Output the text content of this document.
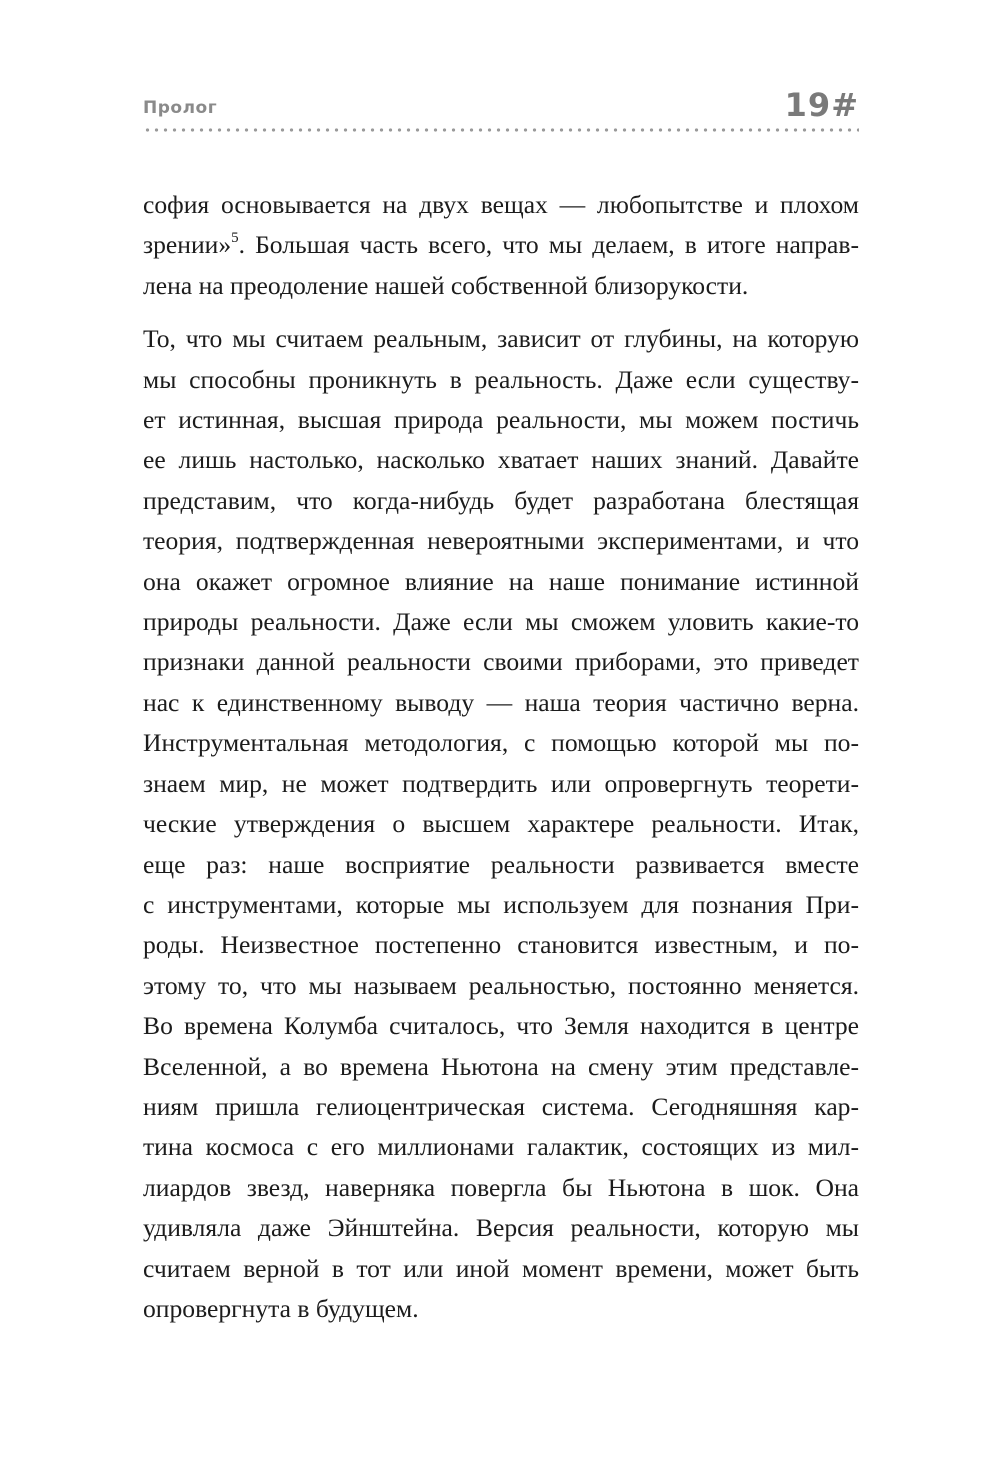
Пролог	19#

софия основывается на двух вещах — любопытстве и плохом
зрении»$^5$. Большая часть всего, что мы делаем, в итоге направ-
лена на преодоление нашей собственной близорукости.

То, что мы считаем реальным, зависит от глубины, на которую
мы способны проникнуть в реальность. Даже если существу-
ет истинная, высшая природа реальности, мы можем постичь
ее лишь настолько, насколько хватает наших знаний. Давайте
представим, что когда-нибудь будет разработана блестящая
теория, подтвержденная невероятными экспериментами, и что
она окажет огромное влияние на наше понимание истинной
природы реальности. Даже если мы сможем уловить какие-то
признаки данной реальности своими приборами, это приведет
нас к единственному выводу — наша теория частично верна.
Инструментальная методология, с помощью которой мы по-
знаем мир, не может подтвердить или опровергнуть теорети-
ческие утверждения о высшем характере реальности. Итак,
еще раз: наше восприятие реальности развивается вместе
с инструментами, которые мы используем для познания При-
роды. Неизвестное постепенно становится известным, и по-
этому то, что мы называем реальностью, постоянно меняется.
Во времена Колумба считалось, что Земля находится в центре
Вселенной, а во времена Ньютона на смену этим представле-
ниям пришла гелиоцентрическая система. Сегодняшняя кар-
тина космоса с его миллионами галактик, состоящих из мил-
лиардов звезд, наверняка повергла бы Ньютона в шок. Она
удивляла даже Эйнштейна. Версия реальности, которую мы
считаем верной в тот или иной момент времени, может быть
опровергнута в будущем.
